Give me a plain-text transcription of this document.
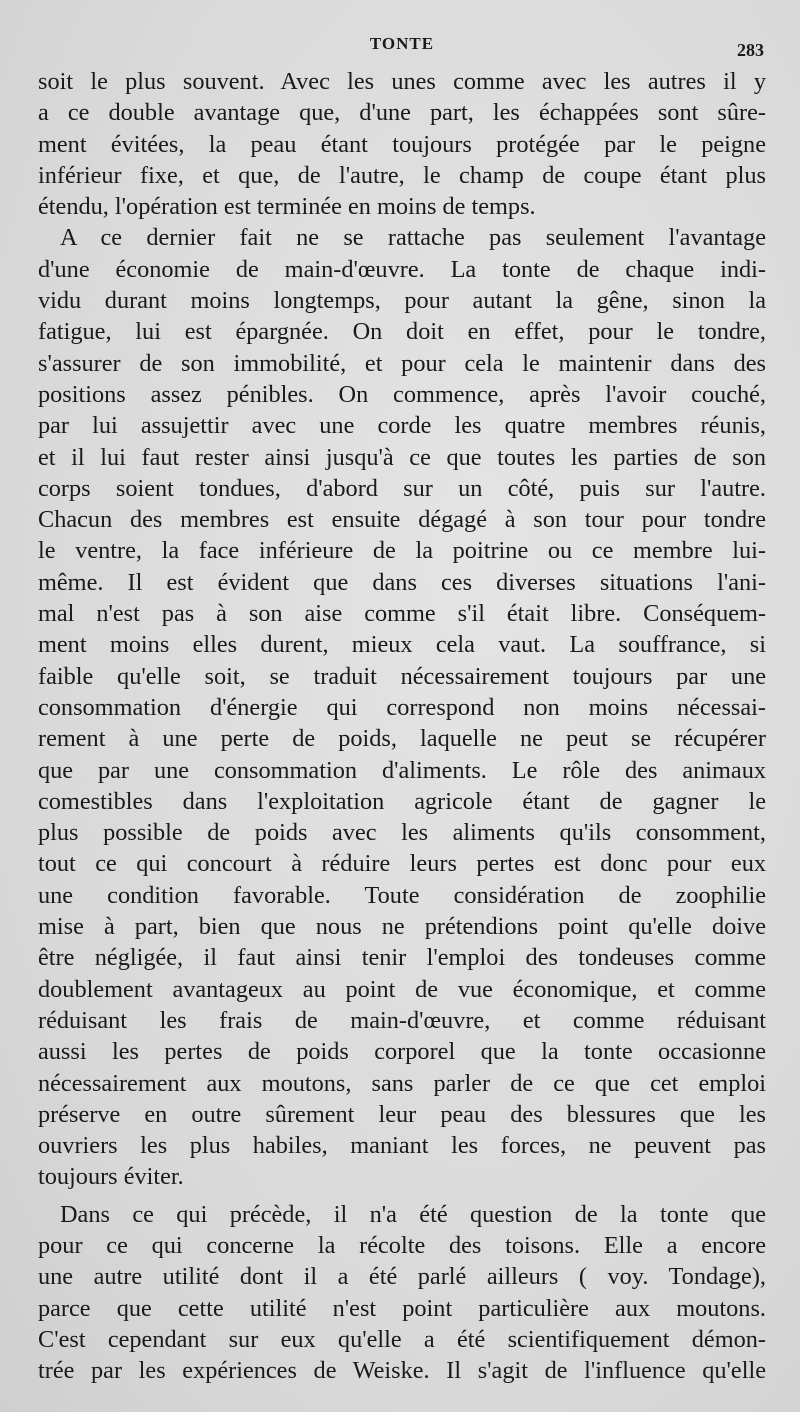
TONTE	283
soit le plus souvent. Avec les unes comme avec les autres il y
a ce double avantage que, d'une part, les échappées sont sûre-
ment évitées, la peau étant toujours protégée par le peigne
inférieur fixe, et que, de l'autre, le champ de coupe étant plus
étendu, l'opération est terminée en moins de temps.
A ce dernier fait ne se rattache pas seulement l'avantage
d'une économie de main-d'œuvre. La tonte de chaque indi-
vidu durant moins longtemps, pour autant la gêne, sinon la
fatigue, lui est épargnée. On doit en effet, pour le tondre,
s'assurer de son immobilité, et pour cela le maintenir dans des
positions assez pénibles. On commence, après l'avoir couché,
par lui assujettir avec une corde les quatre membres réunis,
et il lui faut rester ainsi jusqu'à ce que toutes les parties de son
corps soient tondues, d'abord sur un côté, puis sur l'autre.
Chacun des membres est ensuite dégagé à son tour pour tondre
le ventre, la face inférieure de la poitrine ou ce membre lui-
même. Il est évident que dans ces diverses situations l'ani-
mal n'est pas à son aise comme s'il était libre. Conséquem-
ment moins elles durent, mieux cela vaut. La souffrance, si
faible qu'elle soit, se traduit nécessairement toujours par une
consommation d'énergie qui correspond non moins nécessai-
rement à une perte de poids, laquelle ne peut se récupérer
que par une consommation d'aliments. Le rôle des animaux
comestibles dans l'exploitation agricole étant de gagner le
plus possible de poids avec les aliments qu'ils consomment,
tout ce qui concourt à réduire leurs pertes est donc pour eux
une condition favorable. Toute considération de zoophilie
mise à part, bien que nous ne prétendions point qu'elle doive
être négligée, il faut ainsi tenir l'emploi des tondeuses comme
doublement avantageux au point de vue économique, et comme
réduisant les frais de main-d'œuvre, et comme réduisant
aussi les pertes de poids corporel que la tonte occasionne
nécessairement aux moutons, sans parler de ce que cet emploi
préserve en outre sûrement leur peau des blessures que les
ouvriers les plus habiles, maniant les forces, ne peuvent pas
toujours éviter.
Dans ce qui précède, il n'a été question de la tonte que
pour ce qui concerne la récolte des toisons. Elle a encore
une autre utilité dont il a été parlé ailleurs ( voy. Tondage),
parce que cette utilité n'est point particulière aux moutons.
C'est cependant sur eux qu'elle a été scientifiquement démon-
trée par les expériences de Weiske. Il s'agit de l'influence qu'elle
